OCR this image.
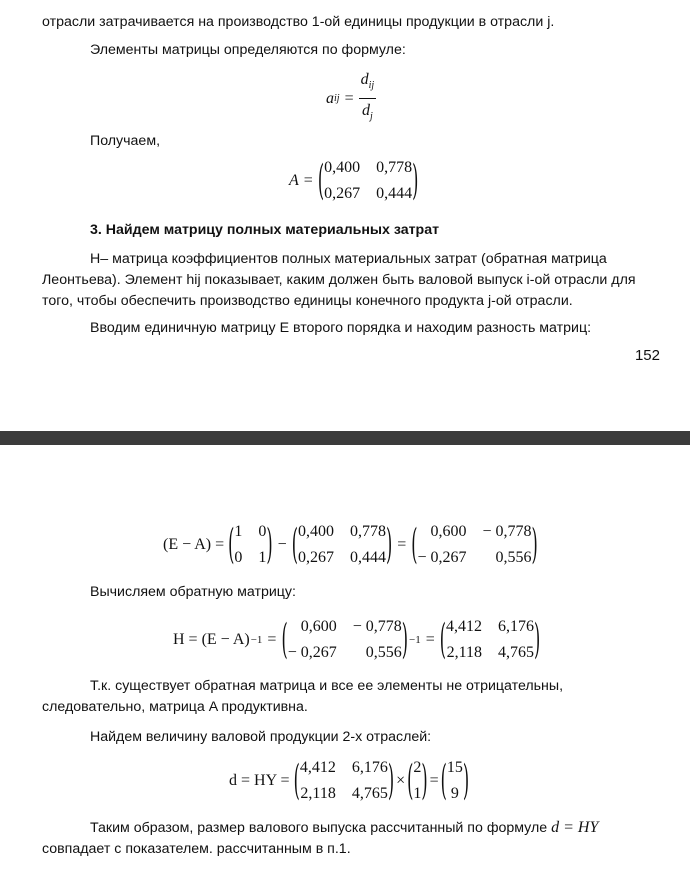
отрасли затрачивается на производство 1-ой единицы продукции в отрасли j.
Элементы матрицы определяются по формуле:
a ij =
$d_{ij}$
$d_j$
Получаем,
A = ( 0,400 0,778
0,267 0,444 )
3. Найдем матрицу полных материальных затрат
H– матрица коэффициентов полных материальных затрат (обратная матрица Леонтьева). Элемент hij показывает, каким должен быть валовой выпуск i-ой отрасли для того, чтобы обеспечить производство единицы конечного продукта j-ой отрасли.
Вводим единичную матрицу E второго порядка и находим разность матриц:
152
(E − A) = ( 1 0
0 1 ) − ( 0,400 0,778
0,267 0,444 ) = ( 0,600 − 0,778
− 0,267	0,556 )
Вычисляем обратную матрицу:
H = (E − A) −1 = ( 0,600 − 0,778
− 0,267	0,556 ) −1 = ( 4,412 6,176
2,118 4,765 )
Т.к. существует обратная матрица и все ее элементы не отрицательны, следовательно, матрица A продуктивна.
Найдем величину валовой продукции 2-х отраслей:
d = HY = ( 4,412 6,176
2,118 4,765 ) × ( 2
1 ) = ( 15
9 )
Таким образом, размер валового выпуска рассчитанный по формуле d = HY совпадает с показателем. рассчитанным в п.1.
